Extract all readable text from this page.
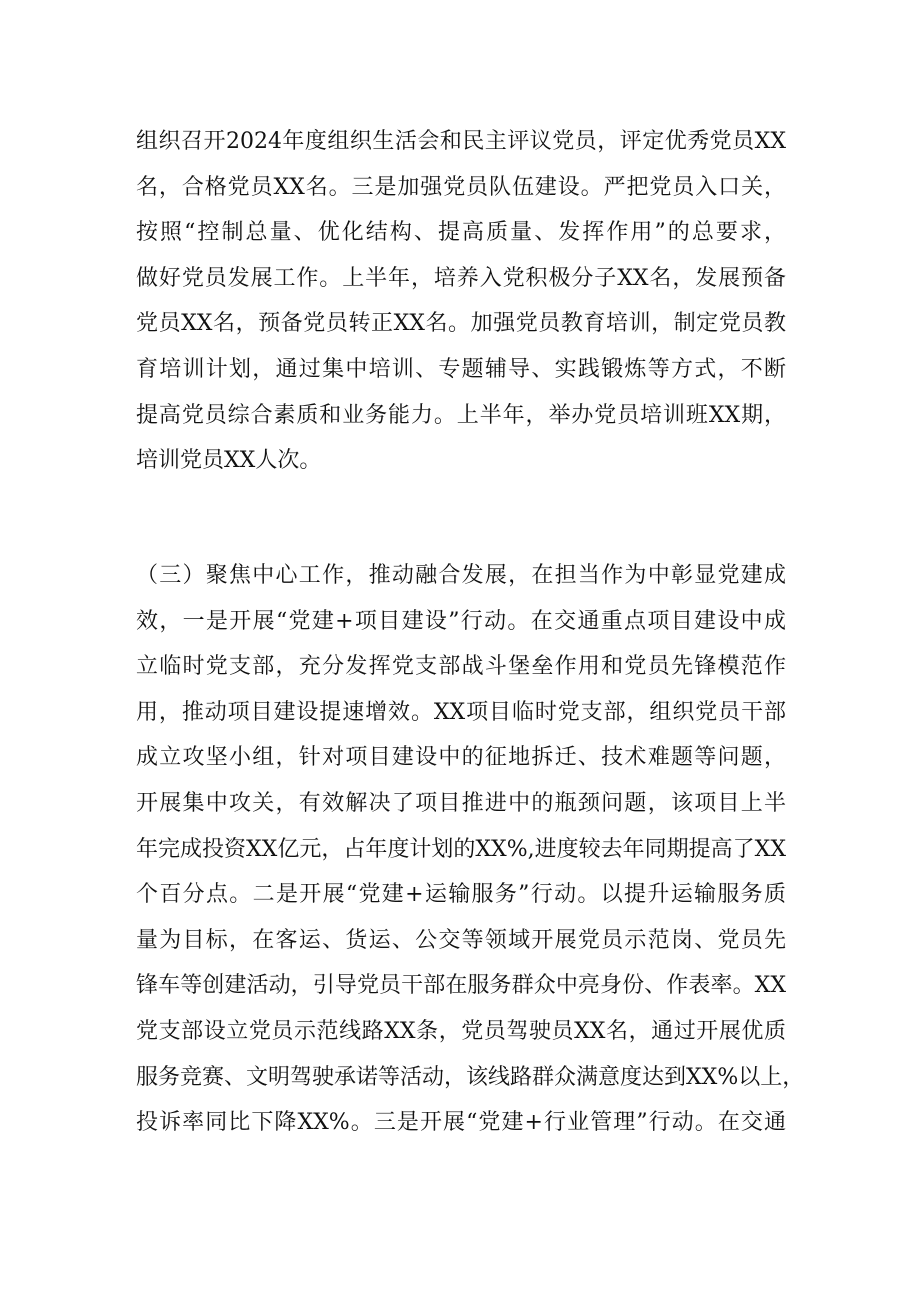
组织召开2024年度组织生活会和民主评议党员，评定优秀党员XX
名，合格党员XX名。三是加强党员队伍建设。严把党员入口关，
按照“控制总量、优化结构、提高质量、发挥作用”的总要求，
做好党员发展工作。上半年，培养入党积极分子XX名，发展预备
党员XX名，预备党员转正XX名。加强党员教育培训，制定党员教
育培训计划，通过集中培训、专题辅导、实践锻炼等方式，不断
提高党员综合素质和业务能力。上半年，举办党员培训班XX期，
培训党员XX人次。
（三）聚焦中心工作，推动融合发展，在担当作为中彰显党建成
效，一是开展“党建+项目建设”行动。在交通重点项目建设中成
立临时党支部，充分发挥党支部战斗堡垒作用和党员先锋模范作
用，推动项目建设提速增效。XX项目临时党支部，组织党员干部
成立攻坚小组，针对项目建设中的征地拆迁、技术难题等问题，
开展集中攻关，有效解决了项目推进中的瓶颈问题，该项目上半
年完成投资XX亿元，占年度计划的XX%,进度较去年同期提高了XX
个百分点。二是开展“党建+运输服务”行动。以提升运输服务质
量为目标，在客运、货运、公交等领域开展党员示范岗、党员先
锋车等创建活动，引导党员干部在服务群众中亮身份、作表率。XX
党支部设立党员示范线路XX条，党员驾驶员XX名，通过开展优质
服务竞赛、文明驾驶承诺等活动，该线路群众满意度达到XX%以上，
投诉率同比下降XX%。三是开展“党建+行业管理”行动。在交通
